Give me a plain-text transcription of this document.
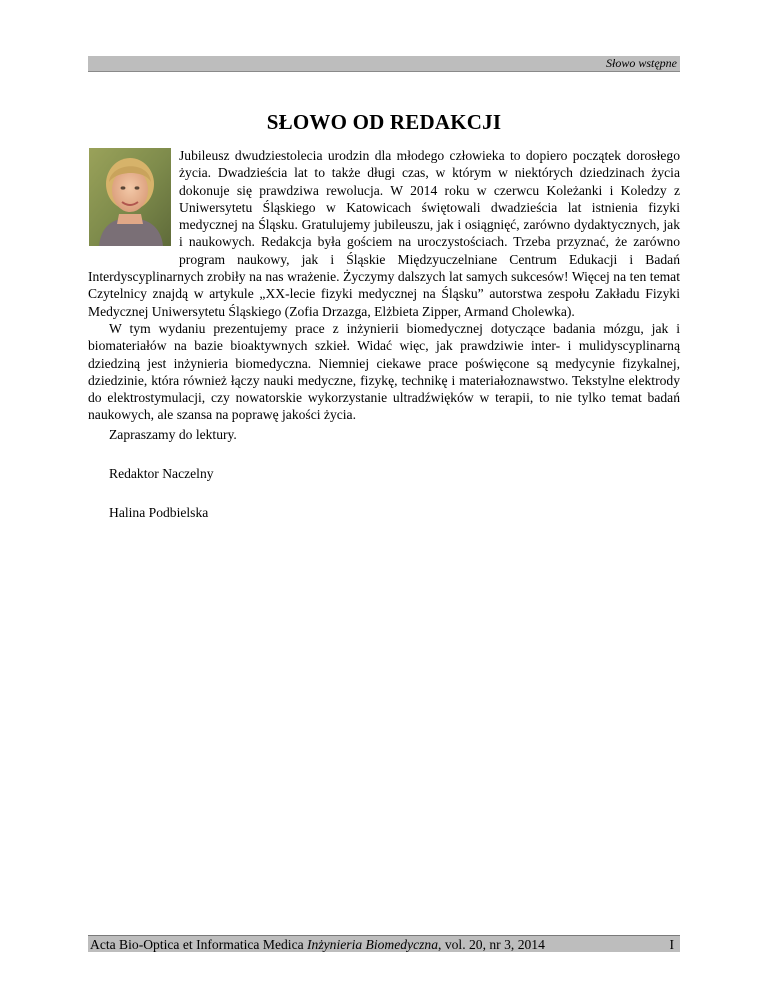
Słowo wstępne
SŁOWO OD REDAKCJI

Jubileusz dwudziestolecia urodzin dla młodego człowieka to dopiero początek dorosłego życia. Dwadzieścia lat to także długi czas, w którym w niektórych dziedzinach życia dokonuje się prawdziwa rewolucja. W 2014 roku w czerwcu Koleżanki i Koledzy z Uniwersytetu Śląskiego w Katowicach świętowali dwadzieścia lat istnienia fizyki medycznej na Śląsku. Gratulujemy jubileuszu, jak i osiągnięć, zarówno dydaktycznych, jak i naukowych. Redakcja była gościem na uroczystościach. Trzeba przyznać, że zarówno program naukowy, jak i Śląskie Międzyuczelniane Centrum Edukacji i Badań Interdyscyplinarnych zrobiły na nas wrażenie. Życzymy dalszych lat samych sukcesów! Więcej na ten temat Czytelnicy znajdą w artykule „XX-lecie fizyki medycznej na Śląsku” autorstwa zespołu Zakładu Fizyki Medycznej Uniwersytetu Śląskiego (Zofia Drzazga, Elżbieta Zipper, Armand Cholewka).

W tym wydaniu prezentujemy prace z inżynierii biomedycznej dotyczące badania mózgu, jak i biomateriałów na bazie bioaktywnych szkieł. Widać więc, jak prawdziwie inter- i mulidyscyplinarną dziedziną jest inżynieria biomedyczna. Niemniej ciekawe prace poświęcone są medycynie fizykalnej, dziedzinie, która również łączy nauki medyczne, fizykę, technikę i materiałoznawstwo. Tekstylne elektrody do elektrostymulacji, czy nowatorskie wykorzystanie ultradźwięków w terapii, to nie tylko temat badań naukowych, ale szansa na poprawę jakości życia.

Zapraszamy do lektury.
Redaktor Naczelny
Halina Podbielska
Acta Bio-Optica et Informatica Medica Inżynieria Biomedyczna, vol. 20, nr 3, 2014	I
